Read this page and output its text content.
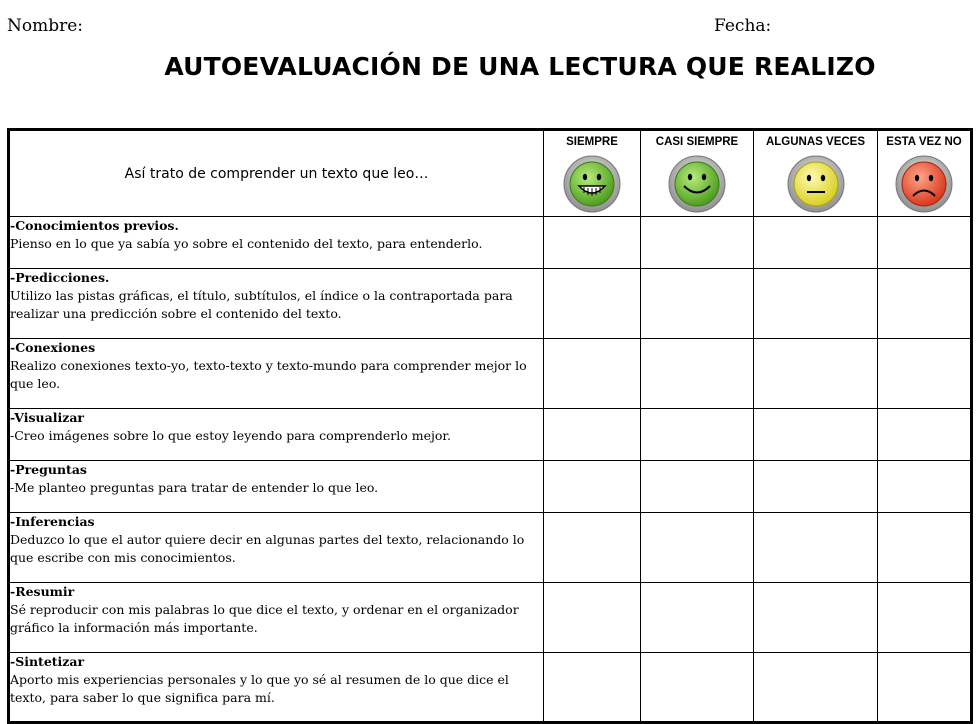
Nombre:	Fecha:
AUTOEVALUACIÓN DE UNA LECTURA QUE REALIZO
Así trato de comprender un texto que leo…	SIEMPRE	CASI SIEMPRE	ALGUNAS VECES	ESTA VEZ NO

-Conocimientos previos.
Pienso en lo que ya sabía yo sobre el contenido del texto, para entenderlo.				

-Predicciones.
Utilizo las pistas gráficas, el título, subtítulos, el índice o la contraportada para realizar una predicción sobre el contenido del texto.				

-Conexiones
Realizo conexiones texto-yo, texto-texto y texto-mundo para comprender mejor lo que leo.				

-Visualizar
-Creo imágenes sobre lo que estoy leyendo para comprenderlo mejor.				

-Preguntas
-Me planteo preguntas para tratar de entender lo que leo.				

-Inferencias
Deduzco lo que el autor quiere decir en algunas partes del texto, relacionando lo que escribe con mis conocimientos.				

-Resumir
Sé reproducir con mis palabras lo que dice el texto, y ordenar en el organizador gráfico la información más importante.				

-Sintetizar
Aporto mis experiencias personales y lo que yo sé al resumen de lo que dice el texto, para saber lo que significa para mí.				
